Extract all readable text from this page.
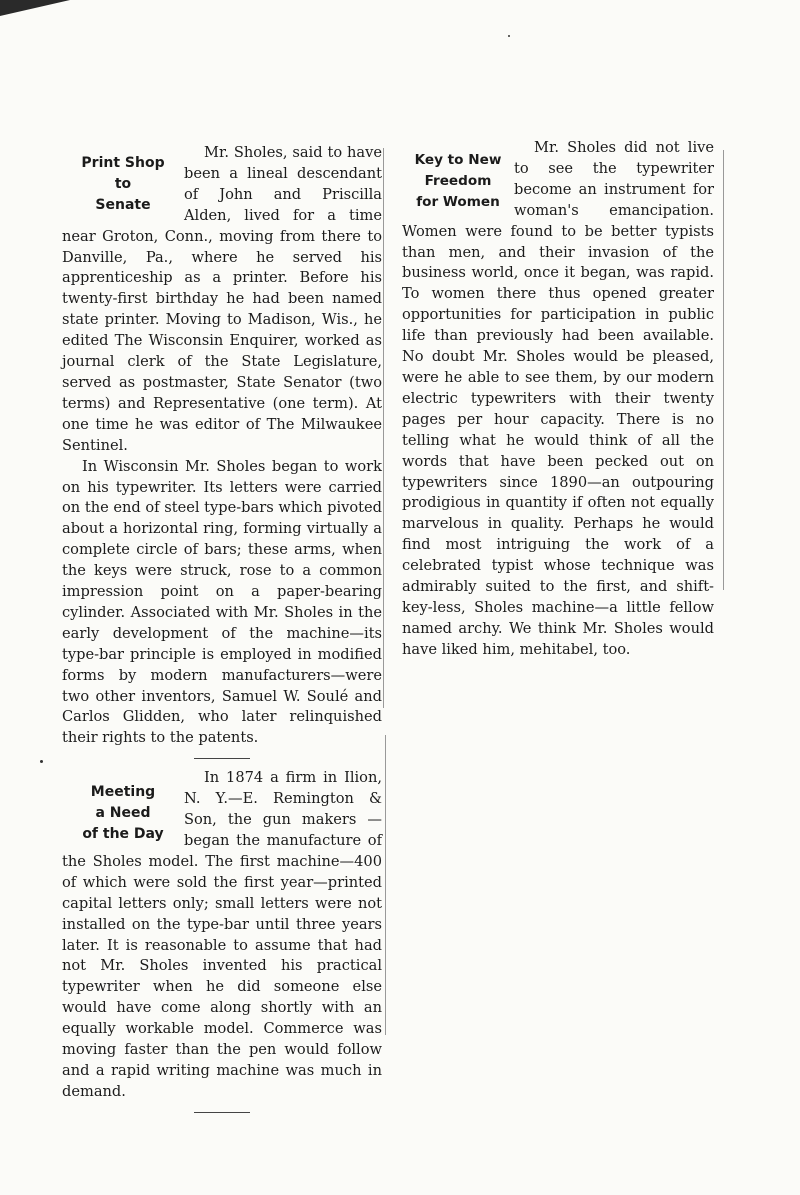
Print Shop
to
Senate

Mr. Sholes, said to have been a lineal descendant of John and Priscilla Alden, lived for a time near Groton, Conn., moving from there to Danville, Pa., where he served his apprenticeship as a printer. Before his twenty-first birthday he had been named state printer. Moving to Madison, Wis., he edited The Wisconsin Enquirer, worked as journal clerk of the State Legislature, served as postmaster, State Senator (two terms) and Representative (one term). At one time he was editor of The Milwaukee Sentinel.

In Wisconsin Mr. Sholes began to work on his typewriter. Its letters were carried on the end of steel type-bars which pivoted about a horizontal ring, forming virtually a complete circle of bars; these arms, when the keys were struck, rose to a common impression point on a paper-bearing cylinder. Associated with Mr. Sholes in the early development of the machine—its type-bar principle is employed in modified forms by modern manufacturers—were two other inventors, Samuel W. Soulé and Carlos Glidden, who later relinquished their rights to the patents.

Meeting
a Need
of the Day

In 1874 a firm in Ilion, N. Y.—E. Remington & Son, the gun makers — began the manufacture of the Sholes model. The first machine—400 of which were sold the first year—printed capital letters only; small letters were not installed on the type-bar until three years later. It is reasonable to assume that had not Mr. Sholes invented his practical typewriter when he did someone else would have come along shortly with an equally workable model. Commerce was moving faster than the pen would follow and a rapid writing machine was much in demand.

Key to New
Freedom
for Women

Mr. Sholes did not live to see the typewriter become an instrument for woman's emancipation. Women were found to be better typists than men, and their invasion of the business world, once it began, was rapid. To women there thus opened greater opportunities for participation in public life than previously had been available. No doubt Mr. Sholes would be pleased, were he able to see them, by our modern electric typewriters with their twenty pages per hour capacity. There is no telling what he would think of all the words that have been pecked out on typewriters since 1890—an outpouring prodigious in quantity if often not equally marvelous in quality. Perhaps he would find most intriguing the work of a celebrated typist whose technique was admirably suited to the first, and shift-key-less, Sholes machine—a little fellow named archy. We think Mr. Sholes would have liked him, mehitabel, too.
